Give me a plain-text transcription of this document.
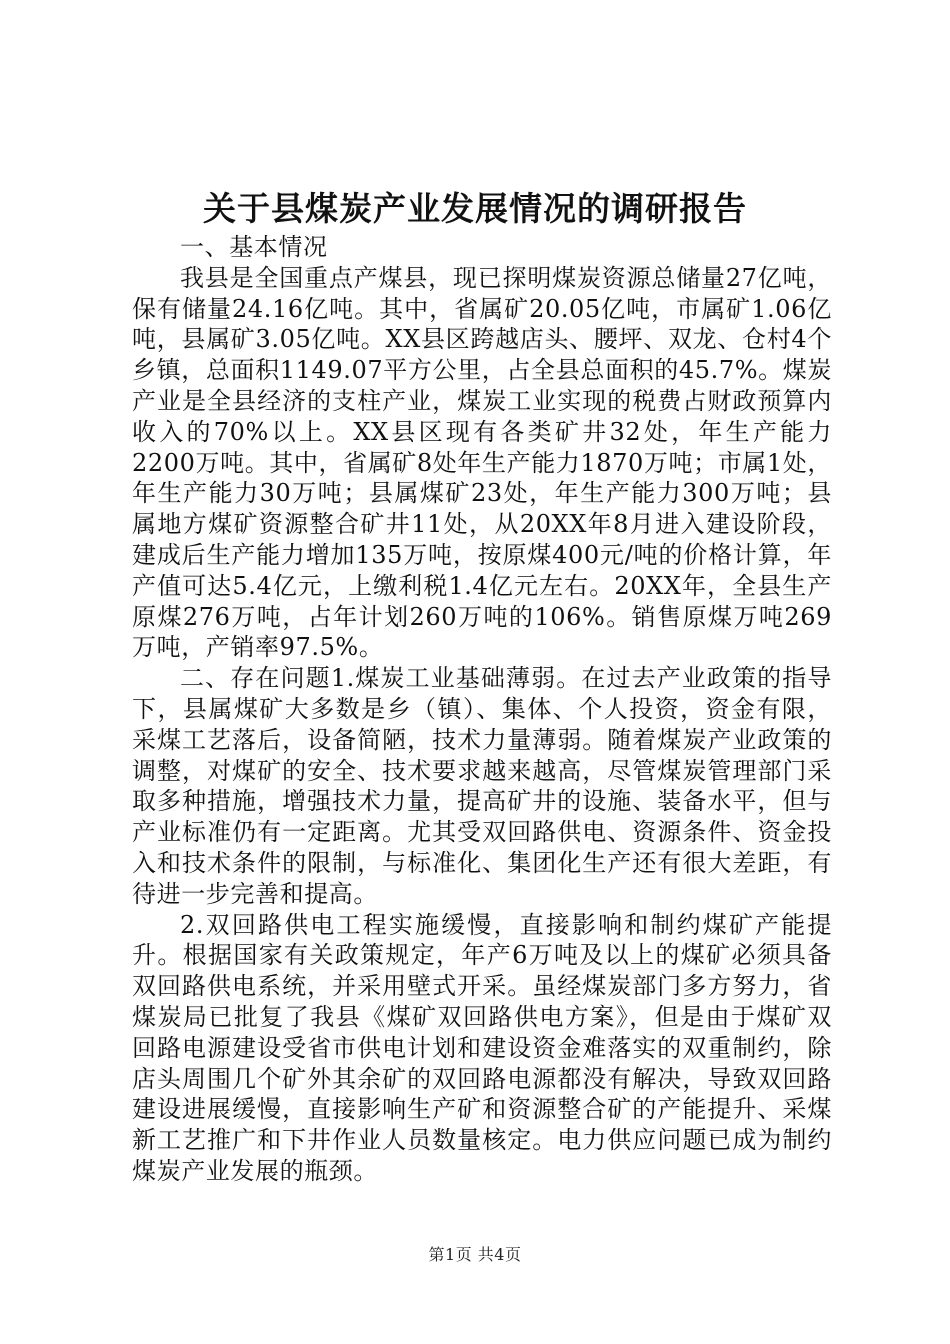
关于县煤炭产业发展情况的调研报告

一、基本情况

我县是全国重点产煤县，现已探明煤炭资源总储量27亿吨，保有储量24.16亿吨。其中，省属矿20.05亿吨，市属矿1.06亿吨，县属矿3.05亿吨。XX县区跨越店头、腰坪、双龙、仓村4个乡镇，总面积1149.07平方公里，占全县总面积的45.7%。煤炭产业是全县经济的支柱产业，煤炭工业实现的税费占财政预算内收入的70%以上。XX县区现有各类矿井32处，年生产能力2200万吨。其中，省属矿8处年生产能力1870万吨；市属1处，年生产能力30万吨；县属煤矿23处，年生产能力300万吨；县属地方煤矿资源整合矿井11处，从20XX年8月进入建设阶段，建成后生产能力增加135万吨，按原煤400元/吨的价格计算，年产值可达5.4亿元，上缴利税1.4亿元左右。20XX年，全县生产原煤276万吨，占年计划260万吨的106%。销售原煤万吨269万吨，产销率97.5%。

二、存在问题1.煤炭工业基础薄弱。在过去产业政策的指导下，县属煤矿大多数是乡（镇）、集体、个人投资，资金有限，采煤工艺落后，设备简陋，技术力量薄弱。随着煤炭产业政策的调整，对煤矿的安全、技术要求越来越高，尽管煤炭管理部门采取多种措施，增强技术力量，提高矿井的设施、装备水平，但与产业标准仍有一定距离。尤其受双回路供电、资源条件、资金投入和技术条件的限制，与标准化、集团化生产还有很大差距，有待进一步完善和提高。

2.双回路供电工程实施缓慢，直接影响和制约煤矿产能提升。根据国家有关政策规定，年产6万吨及以上的煤矿必须具备双回路供电系统，并采用壁式开采。虽经煤炭部门多方努力，省煤炭局已批复了我县《煤矿双回路供电方案》，但是由于煤矿双回路电源建设受省市供电计划和建设资金难落实的双重制约，除店头周围几个矿外其余矿的双回路电源都没有解决，导致双回路建设进展缓慢，直接影响生产矿和资源整合矿的产能提升、采煤新工艺推广和下井作业人员数量核定。电力供应问题已成为制约煤炭产业发展的瓶颈。

第1页 共4页
